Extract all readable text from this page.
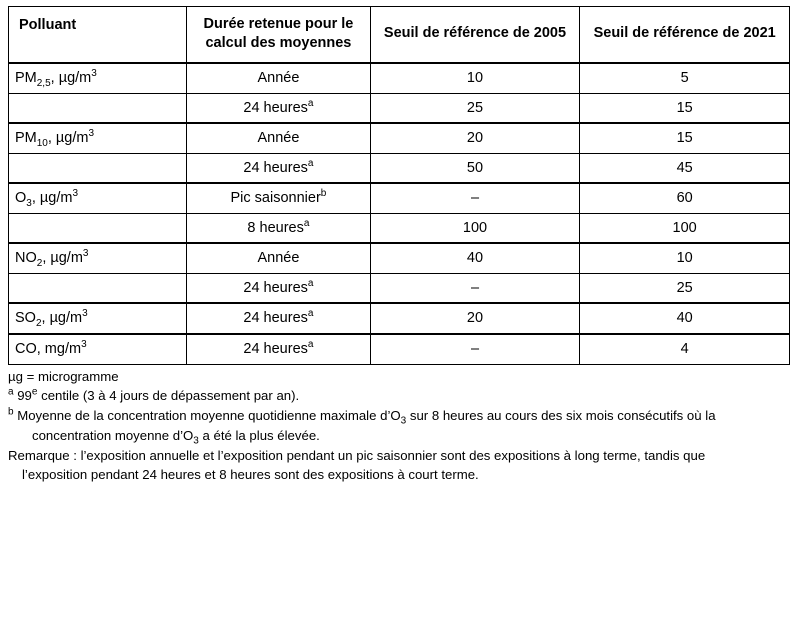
Polluant	Durée retenue pour le calcul des moyennes	Seuil de référence de 2005	Seuil de référence de 2021
$PM_{2,5}$, $\mu g/m^3$	Année	10	5
	24 heures$^a$	25	15
$PM_{10}$, $\mu g/m^3$	Année	20	15
	24 heures$^a$	50	45
$O_3$, $\mu g/m^3$	Pic saisonnier$^b$	–	60
	8 heures$^a$	100	100
$NO_2$, $\mu g/m^3$	Année	40	10
	24 heures$^a$	–	25
$SO_2$, $\mu g/m^3$	24 heures$^a$	20	40
CO, $mg/m^3$	24 heures$^a$	–	4

µg = microgramme

$^a$ 99e centile (3 à 4 jours de dépassement par an).

$^b$ Moyenne de la concentration moyenne quotidienne maximale $d’O_3$ sur 8 heures au cours des six mois consécutifs où la

concentration moyenne $d’O_3$ a été la plus élevée.

Remarque : l’exposition annuelle et l’exposition pendant un pic saisonnier sont des expositions à long terme, tandis que

l’exposition pendant 24 heures et 8 heures sont des expositions à court terme.
